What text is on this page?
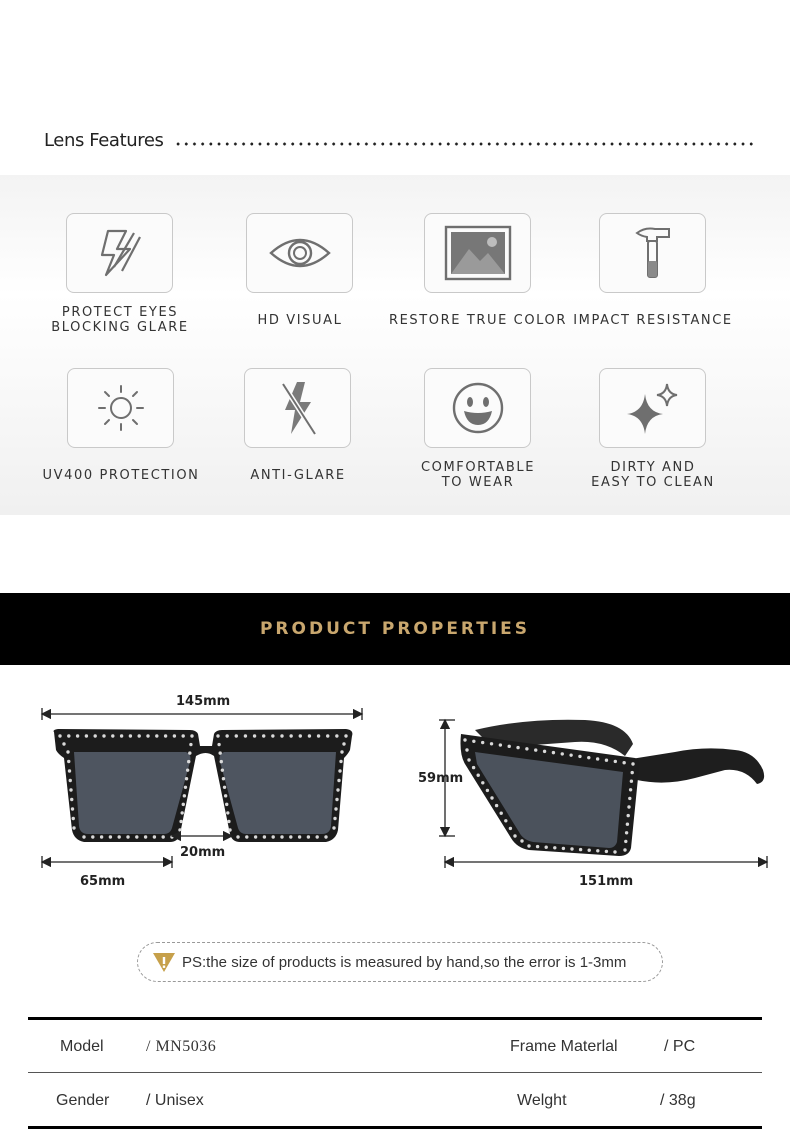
Lens Features
PROTECT EYES
BLOCKING GLARE	HD VISUAL	RESTORE TRUE COLOR IMPACT RESISTANCE
UV400 PROTECTION	ANTI-GLARE
COMFORTABLE
TO WEAR
DIRTY AND
EASY TO CLEAN
PRODUCT PROPERTIES
145mm
20mm
65mm
59mm
151mm
PS:the size of products is measured by hand,so the error is 1-3mm
Model	/ MN5036	Frame Materlal	/ PC
Gender / Unisex	Welght	/ 38g
